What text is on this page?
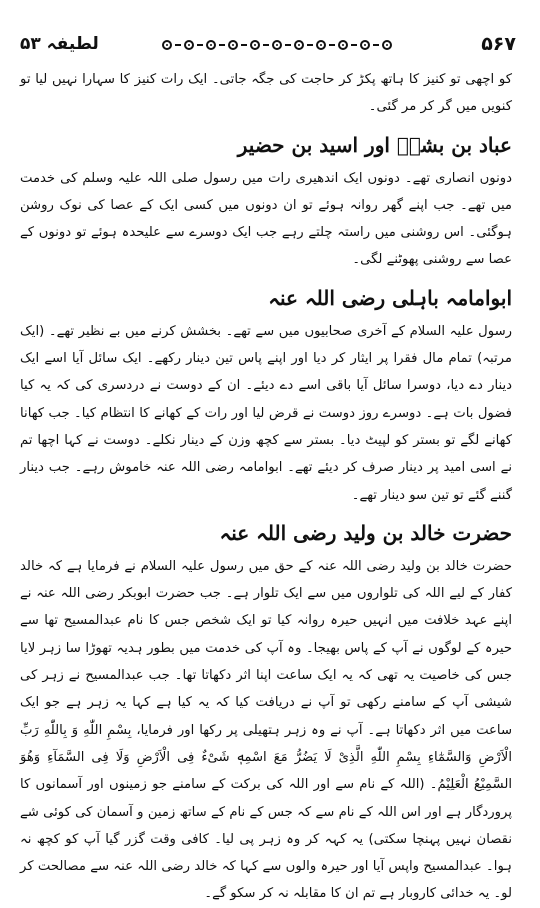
لطیفہ ۵۳	۵۶۷

کو اچھی تو کنیز کا ہاتھ پکڑ کر حاجت کی جگہ جاتی۔ ایک رات کنیز کا سہارا نہیں لیا تو کنویں میں گر کر مر گئی۔

عباد بن بشرؓ اور اسید بن حضیر

دونوں انصاری تھے۔ دونوں ایک اندھیری رات میں رسول صلی اللہ علیہ وسلم کی خدمت میں تھے۔ جب اپنے گھر روانہ ہوئے تو ان دونوں میں کسی ایک کے عصا کی نوک روشن ہوگئی۔ اس روشنی میں راستہ چلتے رہے جب ایک دوسرے سے علیحدہ ہوئے تو دونوں کے عصا سے روشنی پھوٹنے لگی۔

ابوامامہ باہلی رضی اللہ عنہ

رسول علیہ السلام کے آخری صحابیوں میں سے تھے۔ بخشش کرنے میں بے نظیر تھے۔ (ایک مرتبہ) تمام مال فقرا پر ایثار کر دیا اور اپنے پاس تین دینار رکھے۔ ایک سائل آیا اسے ایک دینار دے دیا، دوسرا سائل آیا باقی اسے دے دیئے۔ ان کے دوست نے دردسری کی کہ یہ کیا فضول بات ہے۔ دوسرے روز دوست نے قرض لیا اور رات کے کھانے کا انتظام کیا۔ جب کھانا کھانے لگے تو بستر کو لپیٹ دیا۔ بستر سے کچھ وزن کے دینار نکلے۔ دوست نے کہا اچھا تم نے اسی امید پر دینار صرف کر دیئے تھے۔ ابوامامہ رضی اللہ عنہ خاموش رہے۔ جب دینار گننے گئے تو تین سو دینار تھے۔

حضرت خالد بن ولید رضی اللہ عنہ

حضرت خالد بن ولید رضی اللہ عنہ کے حق میں رسول علیہ السلام نے فرمایا ہے کہ خالد کفار کے لیے اللہ کی تلواروں میں سے ایک تلوار ہے۔ جب حضرت ابوبکر رضی اللہ عنہ نے اپنے عہد خلافت میں انہیں حیرہ روانہ کیا تو ایک شخص جس کا نام عبدالمسیح تھا سے حیرہ کے لوگوں نے آپ کے پاس بھیجا۔ وہ آپ کی خدمت میں بطور ہدیہ تھوڑا سا زہر لایا جس کی خاصیت یہ تھی کہ یہ ایک ساعت اپنا اثر دکھاتا تھا۔ جب عبدالمسیح نے زہر کی شیشی آپ کے سامنے رکھی تو آپ نے دریافت کیا کہ یہ کیا ہے کہا یہ زہر ہے جو ایک ساعت میں اثر دکھاتا ہے۔ آپ نے وہ زہر ہتھیلی پر رکھا اور فرمایا، بِسْمِ اللّٰهِ وَ بِاللّٰهِ رَبِّ الْاَرْضِ وَالسَّمٰٓاءِ بِسْمِ اللّٰهِ الَّذِیْ لَا یَضُرُّ مَعَ اسْمِهٖ شَیْءٌ فِی الْاَرْضِ وَلَا فِی السَّمَآءِ وَهُوَ السَّمِیْعُ الْعَلِیْمُ۔ (اللہ کے نام سے اور اللہ کی برکت کے سامنے جو زمینوں اور آسمانوں کا پروردگار ہے اور اس اللہ کے نام سے کہ جس کے نام کے ساتھ زمین و آسمان کی کوئی شے نقصان نہیں پہنچا سکتی) یہ کہہ کر وہ زہر پی لیا۔ کافی وقت گزر گیا آپ کو کچھ نہ ہوا۔ عبدالمسیح واپس آیا اور حیرہ والوں سے کہا کہ خالد رضی اللہ عنہ سے مصالحت کر لو۔ یہ خدائی کاروبار ہے تم ان کا مقابلہ نہ کر سکو گے۔
